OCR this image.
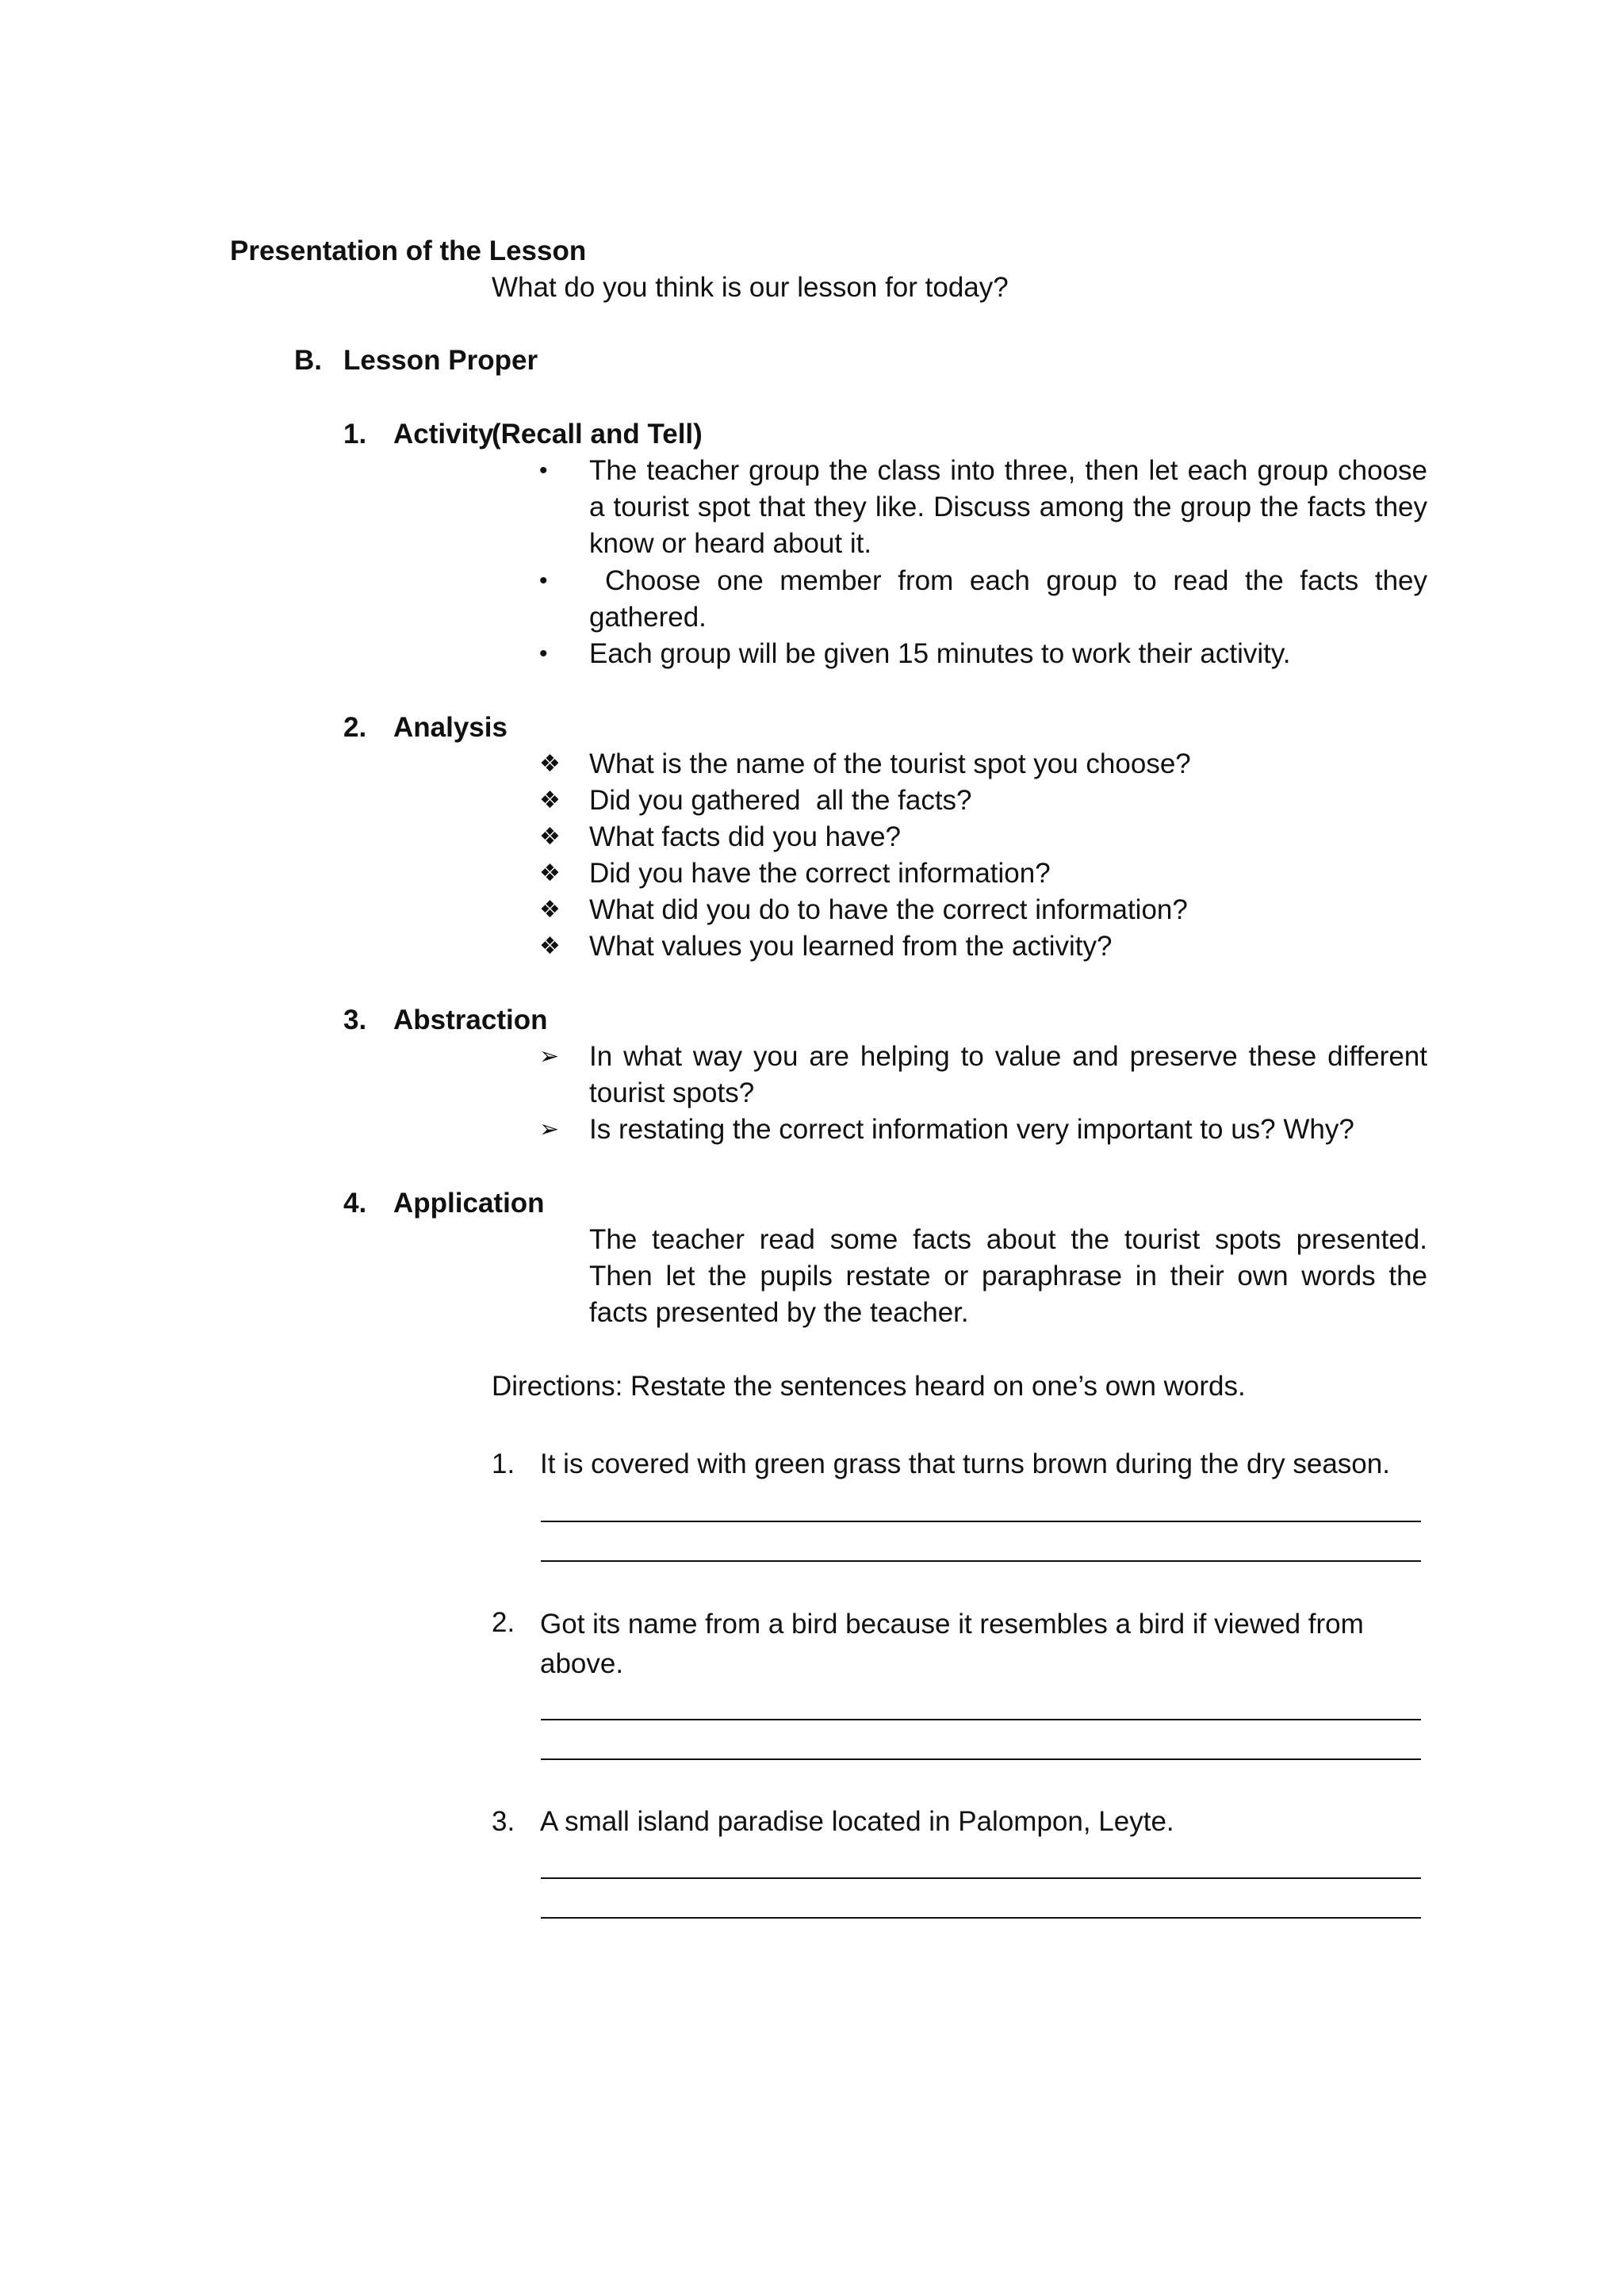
Presentation of the Lesson
What do you think is our lesson for today?
B. Lesson Proper
1. Activity
(Recall and Tell)
• The teacher group the class into three, then let each group choose a tourist spot that they like. Discuss among the group the facts they know or heard about it.
•	Choose one member from each group to read the facts they gathered.
• Each group will be given 15 minutes to work their activity.
2. Analysis
❖ What is the name of the tourist spot you choose?
❖ Did you gathered  all the facts?
❖ What facts did you have?
❖ Did you have the correct information?
❖ What did you do to have the correct information?
❖ What values you learned from the activity?
3. Abstraction
➢ In what way you are helping to value and preserve these different tourist spots?
➢ Is restating the correct information very important to us? Why?
4. Application
The teacher read some facts about the tourist spots presented. Then let the pupils restate or paraphrase in their own words the facts presented by the teacher.
Directions: Restate the sentences heard on one’s own words.
1. It is covered with green grass that turns brown during the dry season.
2. Got its name from a bird because it resembles a bird if viewed from above.
3. A small island paradise located in Palompon, Leyte.
